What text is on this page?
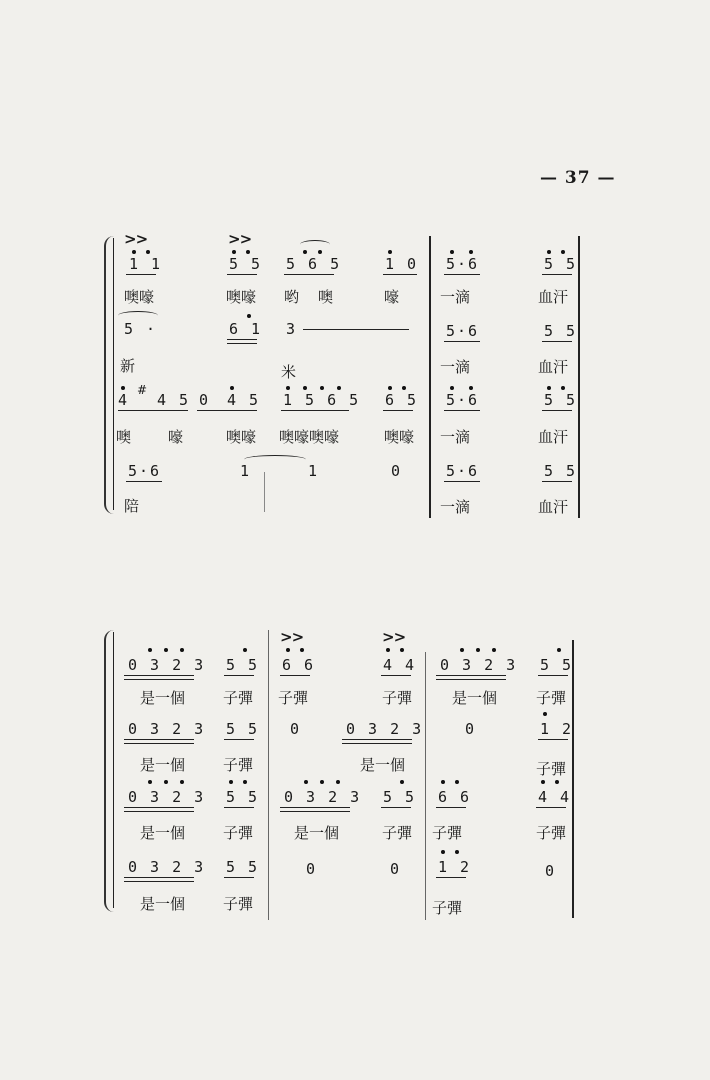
— 37 —
>>	>>
1 1	5 5 5 6 5	1 0 5·6	5 5
噢嚎	噢嚎 哟 噢	嚎	一滴	血汗
5 ·	6 1 3	5·6	5 5
新	米	一滴	血汗
4
#
4 5 0 4 5 1 5 6 5 6 5 5·6	5 5
噢 嚎	噢嚎 噢嚎噢嚎	噢嚎 一滴	血汗
5·6	1	1	0	5·6	5 5
陪	一滴	血汗
>>	>>
0 3 2 3 5 5 6 6	4 4 0 3 2 3 5 5
是一個	子彈 子彈	子彈	是一個	子彈
0 3 2 3 5 5 0	0 3 2 3	0	1 2
是一個	子彈	是一個	子彈
0 3 2 3 5 5 0 3 2 3 5 5 6 6	4 4
是一個	子彈	是一個	子彈 子彈	子彈
0 3 2 3 5 5	0	0 1 2	0
是一個	子彈	子彈
